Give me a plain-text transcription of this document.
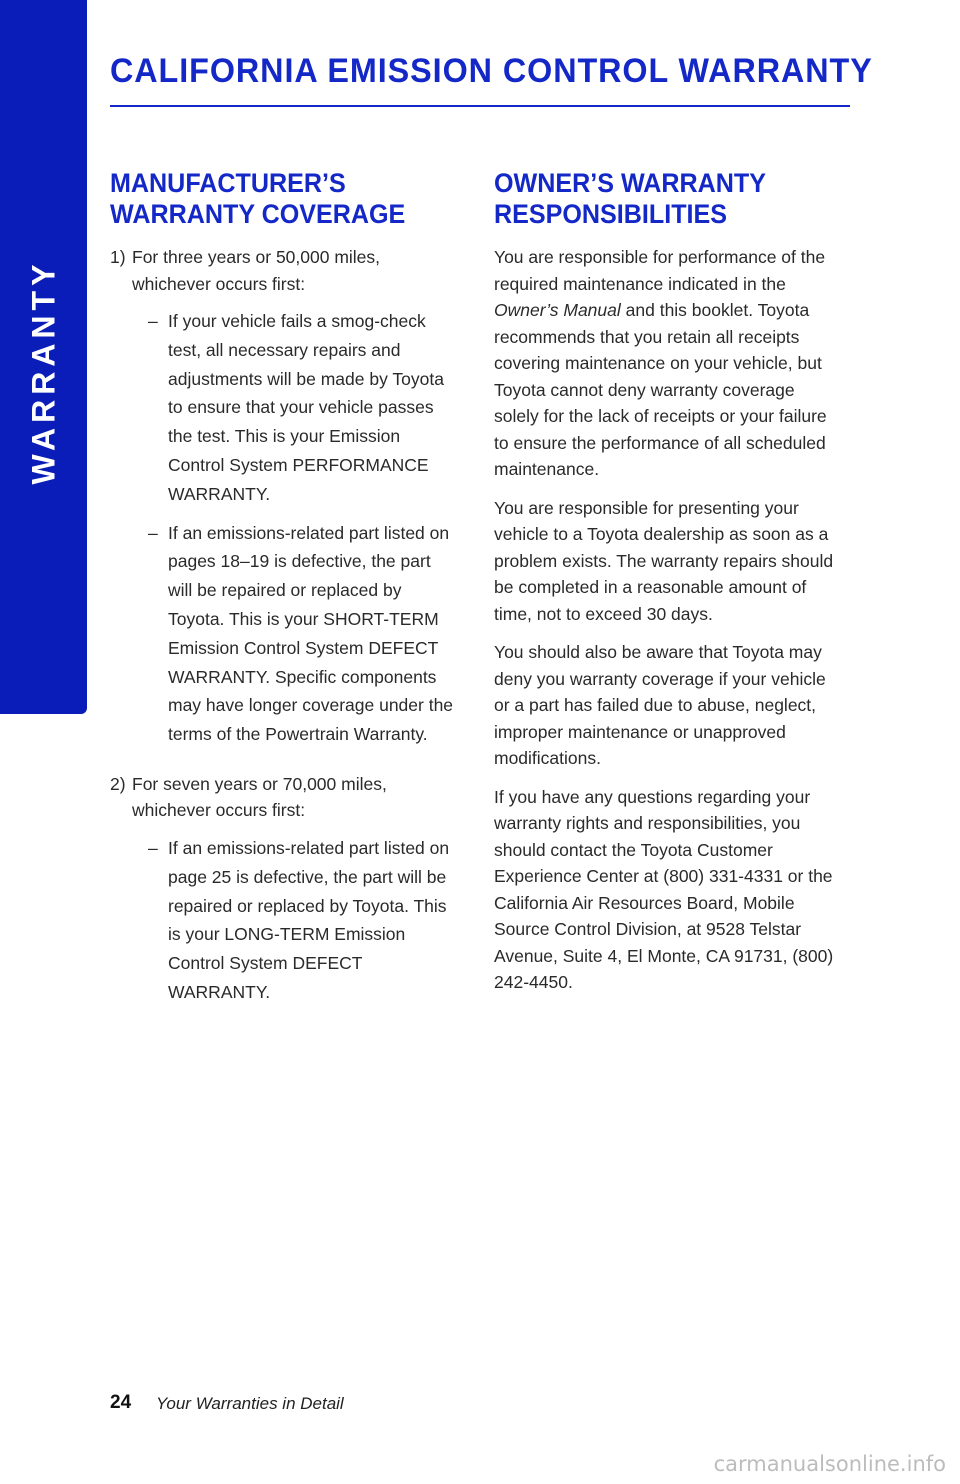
WARRANTY
CALIFORNIA EMISSION CONTROL WARRANTY
MANUFACTURER’S
WARRANTY COVERAGE
1) For three years or 50,000 miles, whichever occurs first:
– If your vehicle fails a smog-check test, all necessary repairs and adjustments will be made by Toyota to ensure that your vehicle passes the test. This is your Emission Control System PERFORMANCE WARRANTY.
– If an emissions-related part listed on pages 18–19 is defective, the part will be repaired or replaced by Toyota. This is your SHORT-TERM Emission Control System DEFECT WARRANTY. Specific components may have longer coverage under the terms of the Powertrain Warranty.
2) For seven years or 70,000 miles, whichever occurs first:
– If an emissions-related part listed on page 25 is defective, the part will be repaired or replaced by Toyota. This is your LONG-TERM Emission Control System DEFECT WARRANTY.
OWNER’S WARRANTY
RESPONSIBILITIES

You are responsible for performance of the required maintenance indicated in the Owner’s Manual and this booklet. Toyota recommends that you retain all receipts covering maintenance on your vehicle, but Toyota cannot deny warranty coverage solely for the lack of receipts or your failure to ensure the performance of all scheduled maintenance.

You are responsible for presenting your vehicle to a Toyota dealership as soon as a problem exists. The warranty repairs should be completed in a reasonable amount of time, not to exceed 30 days.

You should also be aware that Toyota may deny you warranty coverage if your vehicle or a part has failed due to abuse, neglect, improper maintenance or unapproved modifications.

If you have any questions regarding your warranty rights and responsibilities, you should contact the Toyota Customer Experience Center at (800) 331-4331 or the California Air Resources Board, Mobile Source Control Division, at 9528 Telstar Avenue, Suite 4, El Monte, CA 91731, (800) 242-4450.

24 Your Warranties in Detail
carmanualsonline.info
